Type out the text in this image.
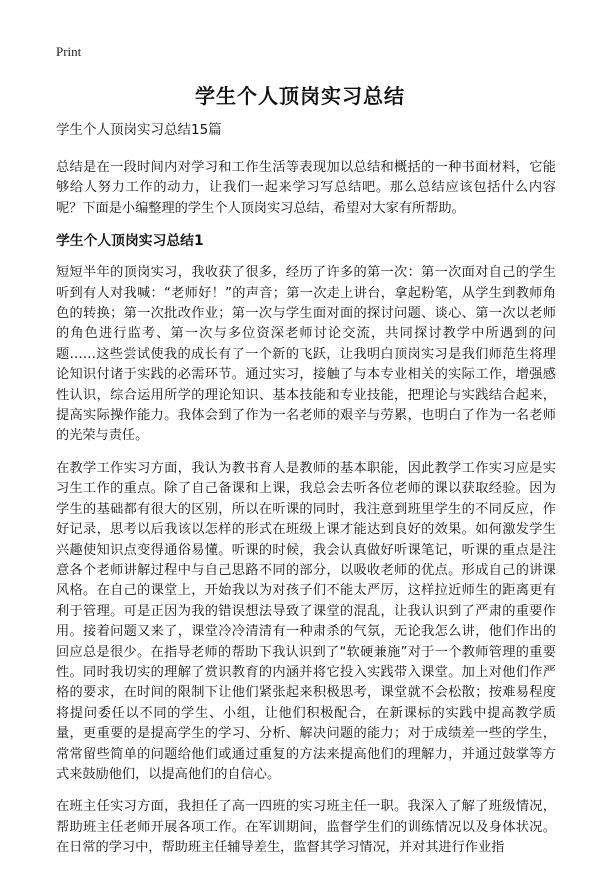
Print
学生个人顶岗实习总结

学生个人顶岗实习总结15篇

总结是在一段时间内对学习和工作生活等表现加以总结和概括的一种书面材料，它能够给人努力工作的动力，让我们一起来学习写总结吧。那么总结应该包括什么内容呢？下面是小编整理的学生个人顶岗实习总结，希望对大家有所帮助。

学生个人顶岗实习总结1

短短半年的顶岗实习，我收获了很多，经历了许多的第一次：第一次面对自己的学生听到有人对我喊：“老师好！”的声音；第一次走上讲台，拿起粉笔，从学生到教师角色的转换；第一次批改作业；第一次与学生面对面的探讨问题、谈心、第一次以老师的角色进行监考、第一次与多位资深老师讨论交流，共同探讨教学中所遇到的问题……这些尝试使我的成长有了一个新的飞跃，让我明白顶岗实习是我们师范生将理论知识付诸于实践的必需环节。通过实习，接触了与本专业相关的实际工作，增强感性认识，综合运用所学的理论知识、基本技能和专业技能，把理论与实践结合起来，提高实际操作能力。我体会到了作为一名老师的艰辛与劳累，也明白了作为一名老师的光荣与责任。

在教学工作实习方面，我认为教书育人是教师的基本职能，因此教学工作实习应是实习生工作的重点。除了自己备课和上课，我总会去听各位老师的课以获取经验。因为学生的基础都有很大的区别，所以在听课的同时，我注意到班里学生的不同反应，作好记录，思考以后我该以怎样的形式在班级上课才能达到良好的效果。如何激发学生兴趣使知识点变得通俗易懂。听课的时候，我会认真做好听课笔记，听课的重点是注意各个老师讲解过程中与自己思路不同的部分，以吸收老师的优点。形成自己的讲课风格。在自己的课堂上，开始我以为对孩子们不能太严厉，这样拉近师生的距离更有利于管理。可是正因为我的错误想法导致了课堂的混乱，让我认识到了严肃的重要作用。接着问题又来了，课堂冷冷清清有一种肃杀的气氛，无论我怎么讲，他们作出的回应总是很少。在指导老师的帮助下我认识到了“软硬兼施”对于一个教师管理的重要性。同时我切实的理解了赏识教育的内涵并将它投入实践带入课堂。加上对他们作严格的要求，在时间的限制下让他们紧张起来积极思考，课堂就不会松散；按难易程度将提问委任以不同的学生、小组，让他们积极配合，在新课标的实践中提高教学质量，更重要的是提高学生的学习、分析、解决问题的能力；对于成绩差一些的学生，常常留些简单的问题给他们或通过重复的方法来提高他们的理解力，并通过鼓掌等方式来鼓励他们，以提高他们的自信心。

在班主任实习方面，我担任了高一四班的实习班主任一职。我深入了解了班级情况，帮助班主任老师开展各项工作。在军训期间，监督学生们的训练情况以及身体状况。在日常的学习中，帮助班主任辅导差生，监督其学习情况，并对其进行作业指
